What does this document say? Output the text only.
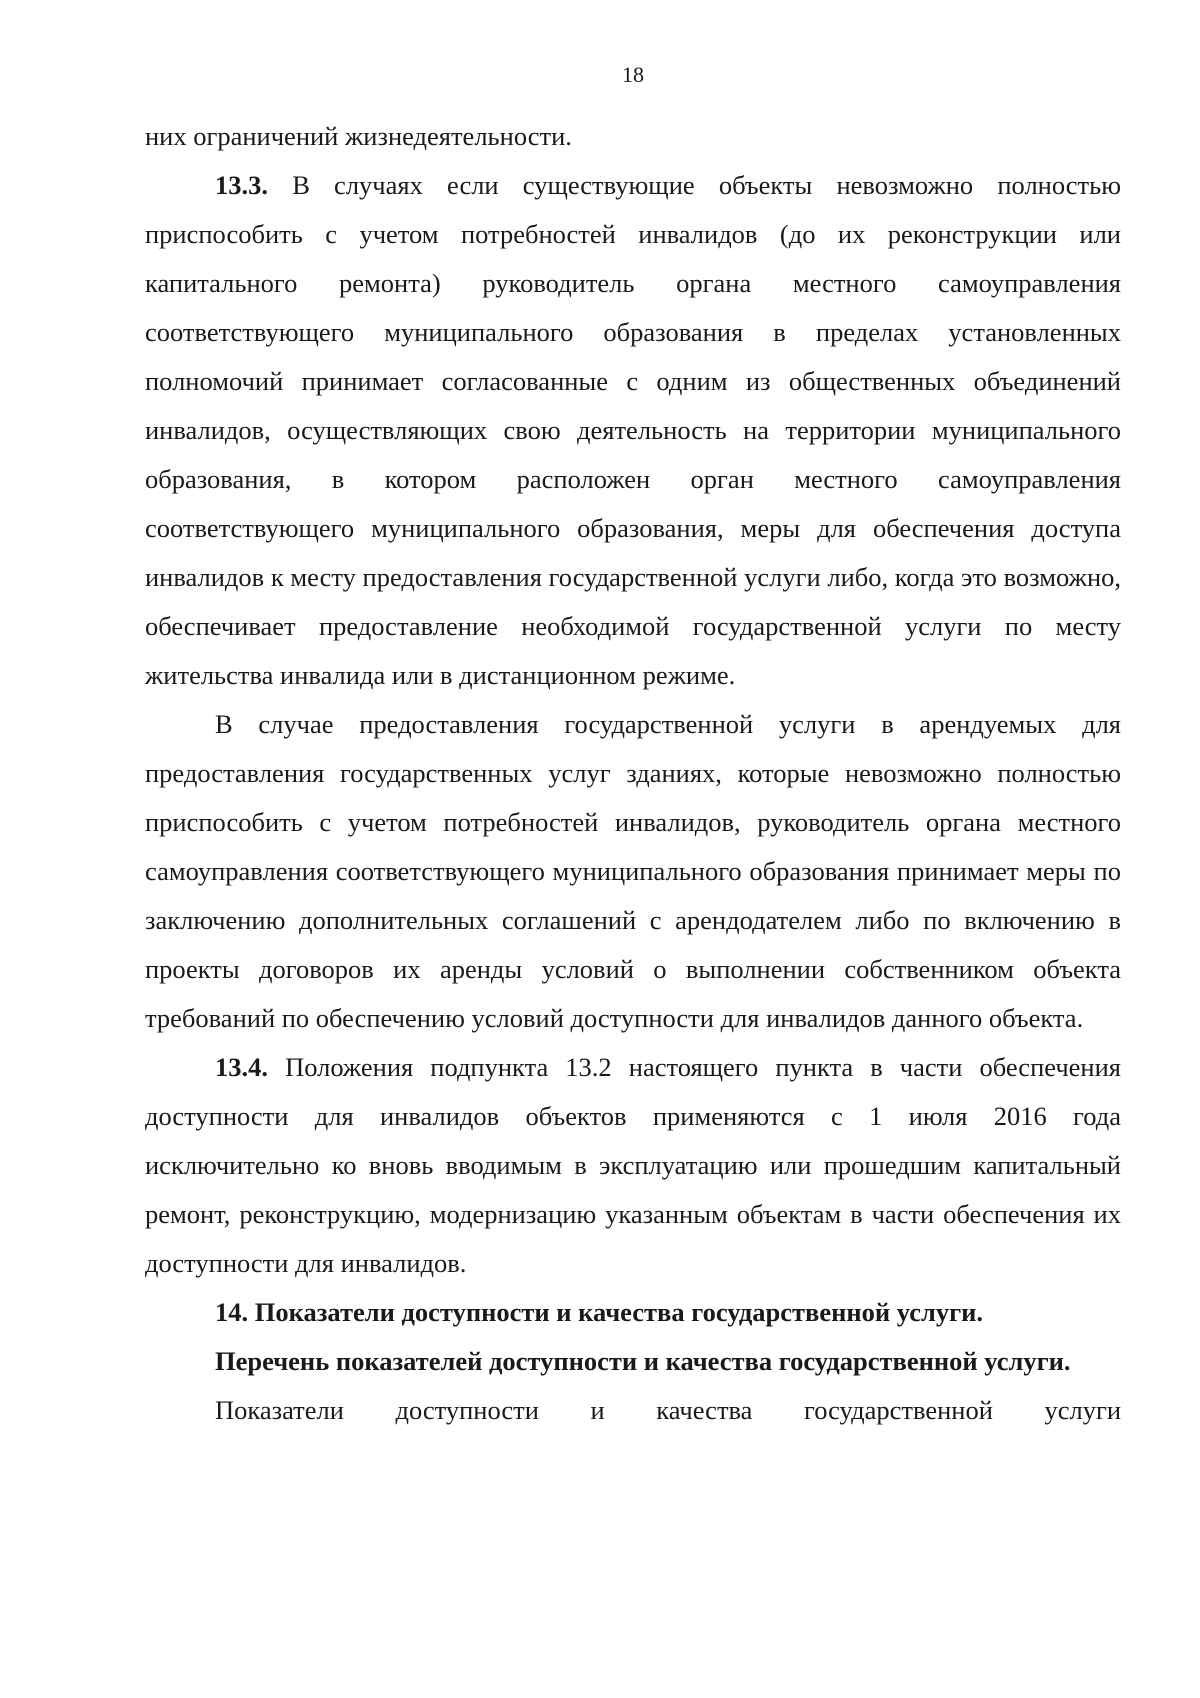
18

них ограничений жизнедеятельности.

13.3. В случаях если существующие объекты невозможно полностью приспособить с учетом потребностей инвалидов (до их реконструкции или капитального ремонта) руководитель органа местного самоуправления соответствующего муниципального образования в пределах установленных полномочий принимает согласованные с одним из общественных объединений инвалидов, осуществляющих свою деятельность на территории муниципального образования, в котором расположен орган местного самоуправления соответствующего муниципального образования, меры для обеспечения доступа инвалидов к месту предоставления государственной услуги либо, когда это возможно, обеспечивает предоставление необходимой государственной услуги по месту жительства инвалида или в дистанционном режиме.

В случае предоставления государственной услуги в арендуемых для предоставления государственных услуг зданиях, которые невозможно полностью приспособить с учетом потребностей инвалидов, руководитель органа местного самоуправления соответствующего муниципального образования принимает меры по заключению дополнительных соглашений с арендодателем либо по включению в проекты договоров их аренды условий о выполнении собственником объекта требований по обеспечению условий доступности для инвалидов данного объекта.

13.4. Положения подпункта 13.2 настоящего пункта в части обеспечения доступности для инвалидов объектов применяются с 1 июля 2016 года исключительно ко вновь вводимым в эксплуатацию или прошедшим капитальный ремонт, реконструкцию, модернизацию указанным объектам в части обеспечения их доступности для инвалидов.

14. Показатели доступности и качества государственной услуги.

Перечень показателей доступности и качества государственной услуги.

Показатели доступности и качества государственной услуги
